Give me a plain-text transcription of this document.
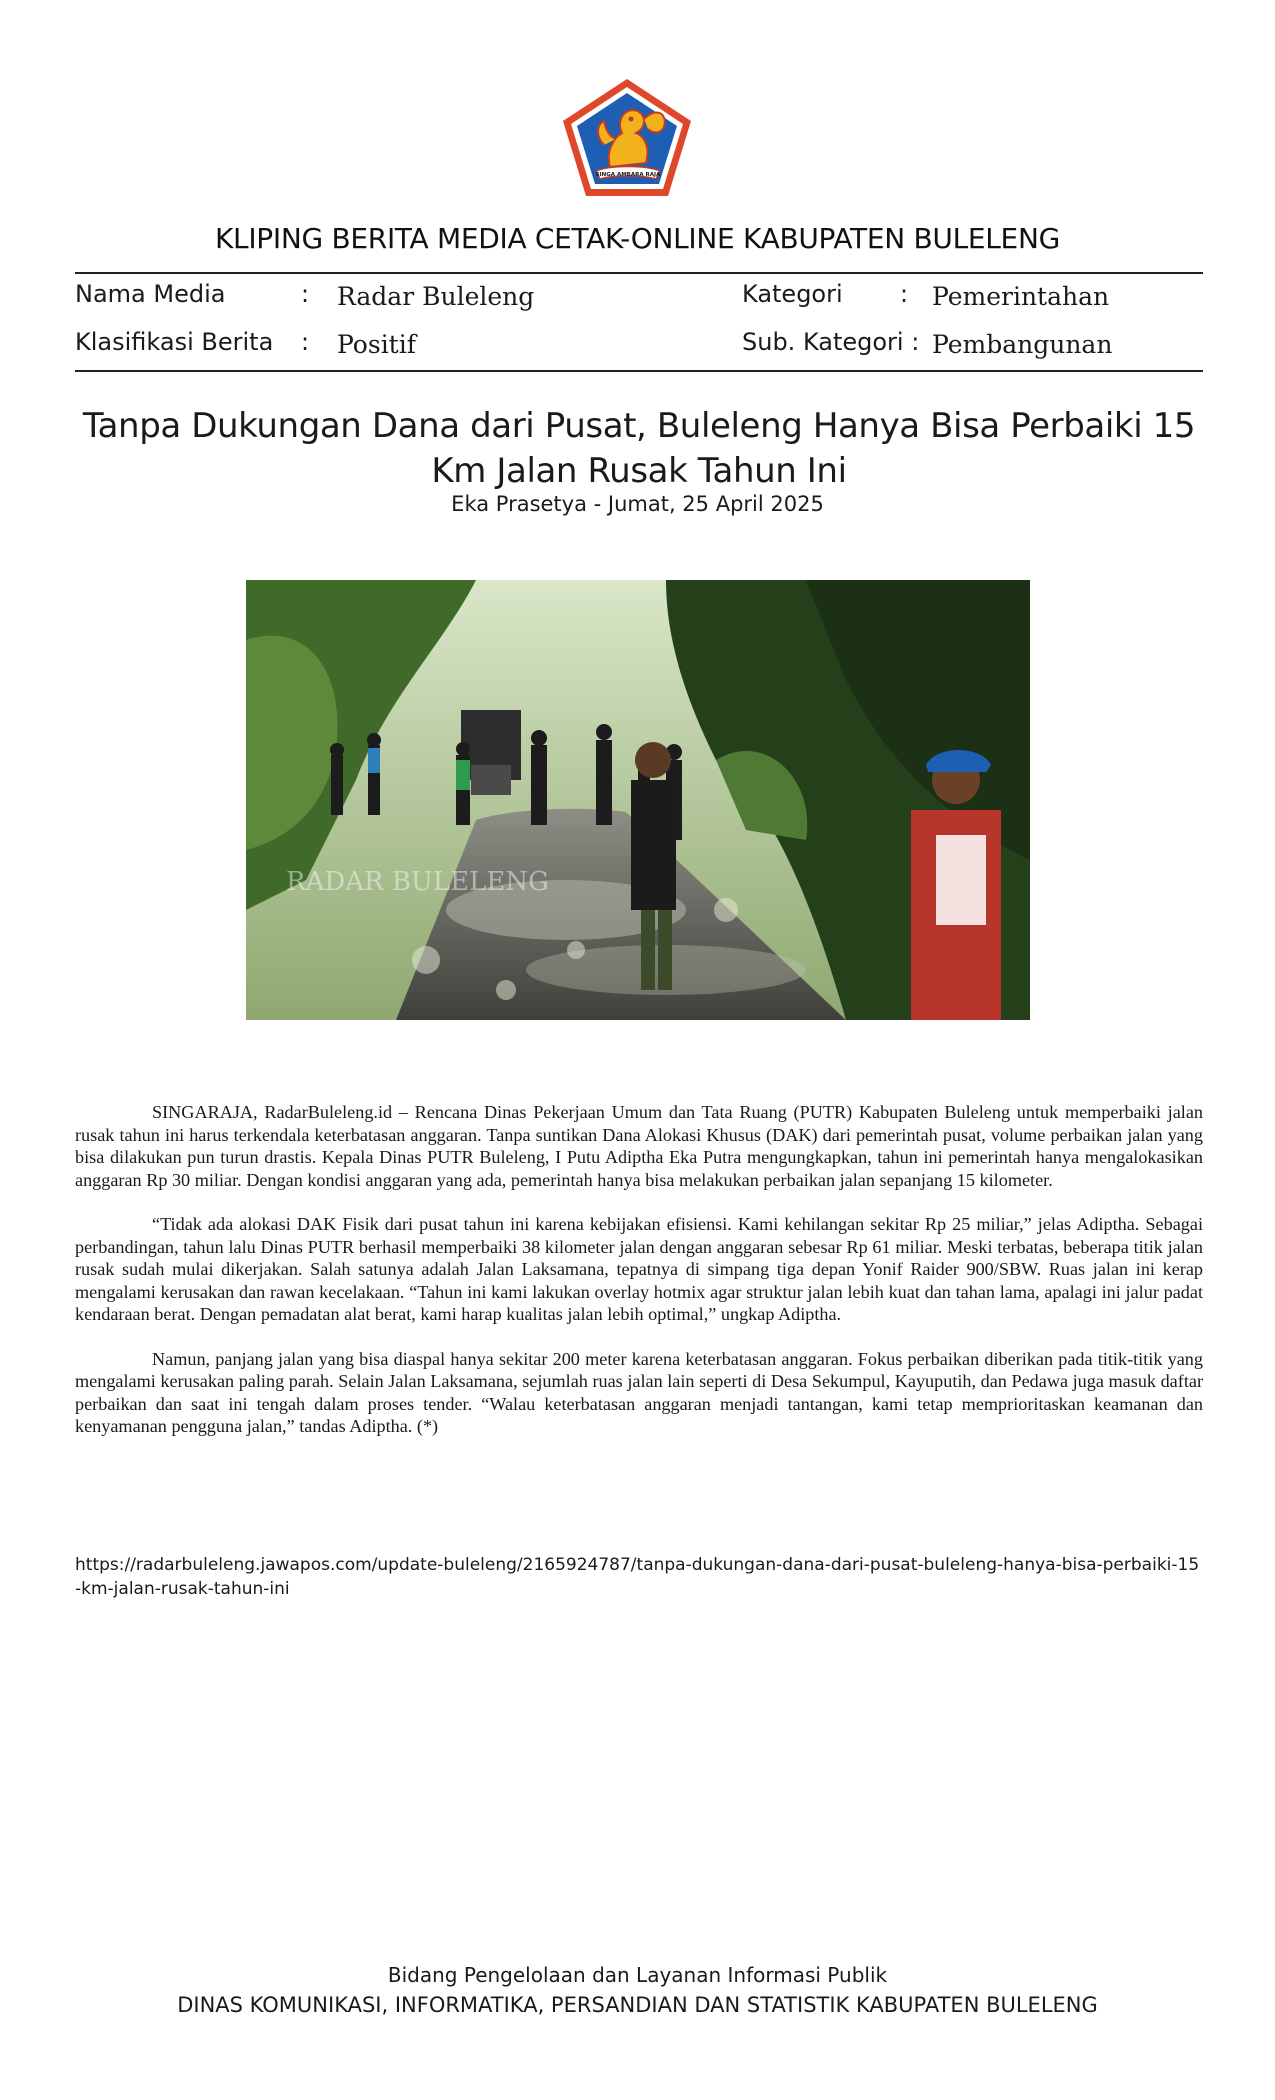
SINGA AMBARA RAJA
KLIPING BERITA MEDIA CETAK-ONLINE KABUPATEN BULELENG
Nama Media	: Radar Buleleng	Kategori : Pemerintahan
Klasifikasi Berita : Positif	Sub. Kategori : Pembangunan
Tanpa Dukungan Dana dari Pusat, Buleleng Hanya Bisa Perbaiki 15 Km Jalan Rusak Tahun Ini
Eka Prasetya - Jumat, 25 April 2025
RADAR BULELENG

SINGARAJA, RadarBuleleng.id – Rencana Dinas Pekerjaan Umum dan Tata Ruang (PUTR) Kabupaten Buleleng untuk memperbaiki jalan rusak tahun ini harus terkendala keterbatasan anggaran. Tanpa suntikan Dana Alokasi Khusus (DAK) dari pemerintah pusat, volume perbaikan jalan yang bisa dilakukan pun turun drastis. Kepala Dinas PUTR Buleleng, I Putu Adiptha Eka Putra mengungkapkan, tahun ini pemerintah hanya mengalokasikan anggaran Rp 30 miliar. Dengan kondisi anggaran yang ada, pemerintah hanya bisa melakukan perbaikan jalan sepanjang 15 kilometer.

“Tidak ada alokasi DAK Fisik dari pusat tahun ini karena kebijakan efisiensi. Kami kehilangan sekitar Rp 25 miliar,” jelas Adiptha. Sebagai perbandingan, tahun lalu Dinas PUTR berhasil memperbaiki 38 kilometer jalan dengan anggaran sebesar Rp 61 miliar. Meski terbatas, beberapa titik jalan rusak sudah mulai dikerjakan. Salah satunya adalah Jalan Laksamana, tepatnya di simpang tiga depan Yonif Raider 900/SBW. Ruas jalan ini kerap mengalami kerusakan dan rawan kecelakaan. “Tahun ini kami lakukan overlay hotmix agar struktur jalan lebih kuat dan tahan lama, apalagi ini jalur padat kendaraan berat. Dengan pemadatan alat berat, kami harap kualitas jalan lebih optimal,” ungkap Adiptha.

Namun, panjang jalan yang bisa diaspal hanya sekitar 200 meter karena keterbatasan anggaran. Fokus perbaikan diberikan pada titik-titik yang mengalami kerusakan paling parah. Selain Jalan Laksamana, sejumlah ruas jalan lain seperti di Desa Sekumpul, Kayuputih, dan Pedawa juga masuk daftar perbaikan dan saat ini tengah dalam proses tender. “Walau keterbatasan anggaran menjadi tantangan, kami tetap memprioritaskan keamanan dan kenyamanan pengguna jalan,” tandas Adiptha. (*)

https://radarbuleleng.jawapos.com/update-buleleng/2165924787/tanpa-dukungan-dana-dari-pusat-buleleng-hanya-bisa-perbaiki-15-km-jalan-rusak-tahun-ini
Bidang Pengelolaan dan Layanan Informasi Publik
DINAS KOMUNIKASI, INFORMATIKA, PERSANDIAN DAN STATISTIK KABUPATEN BULELENG
